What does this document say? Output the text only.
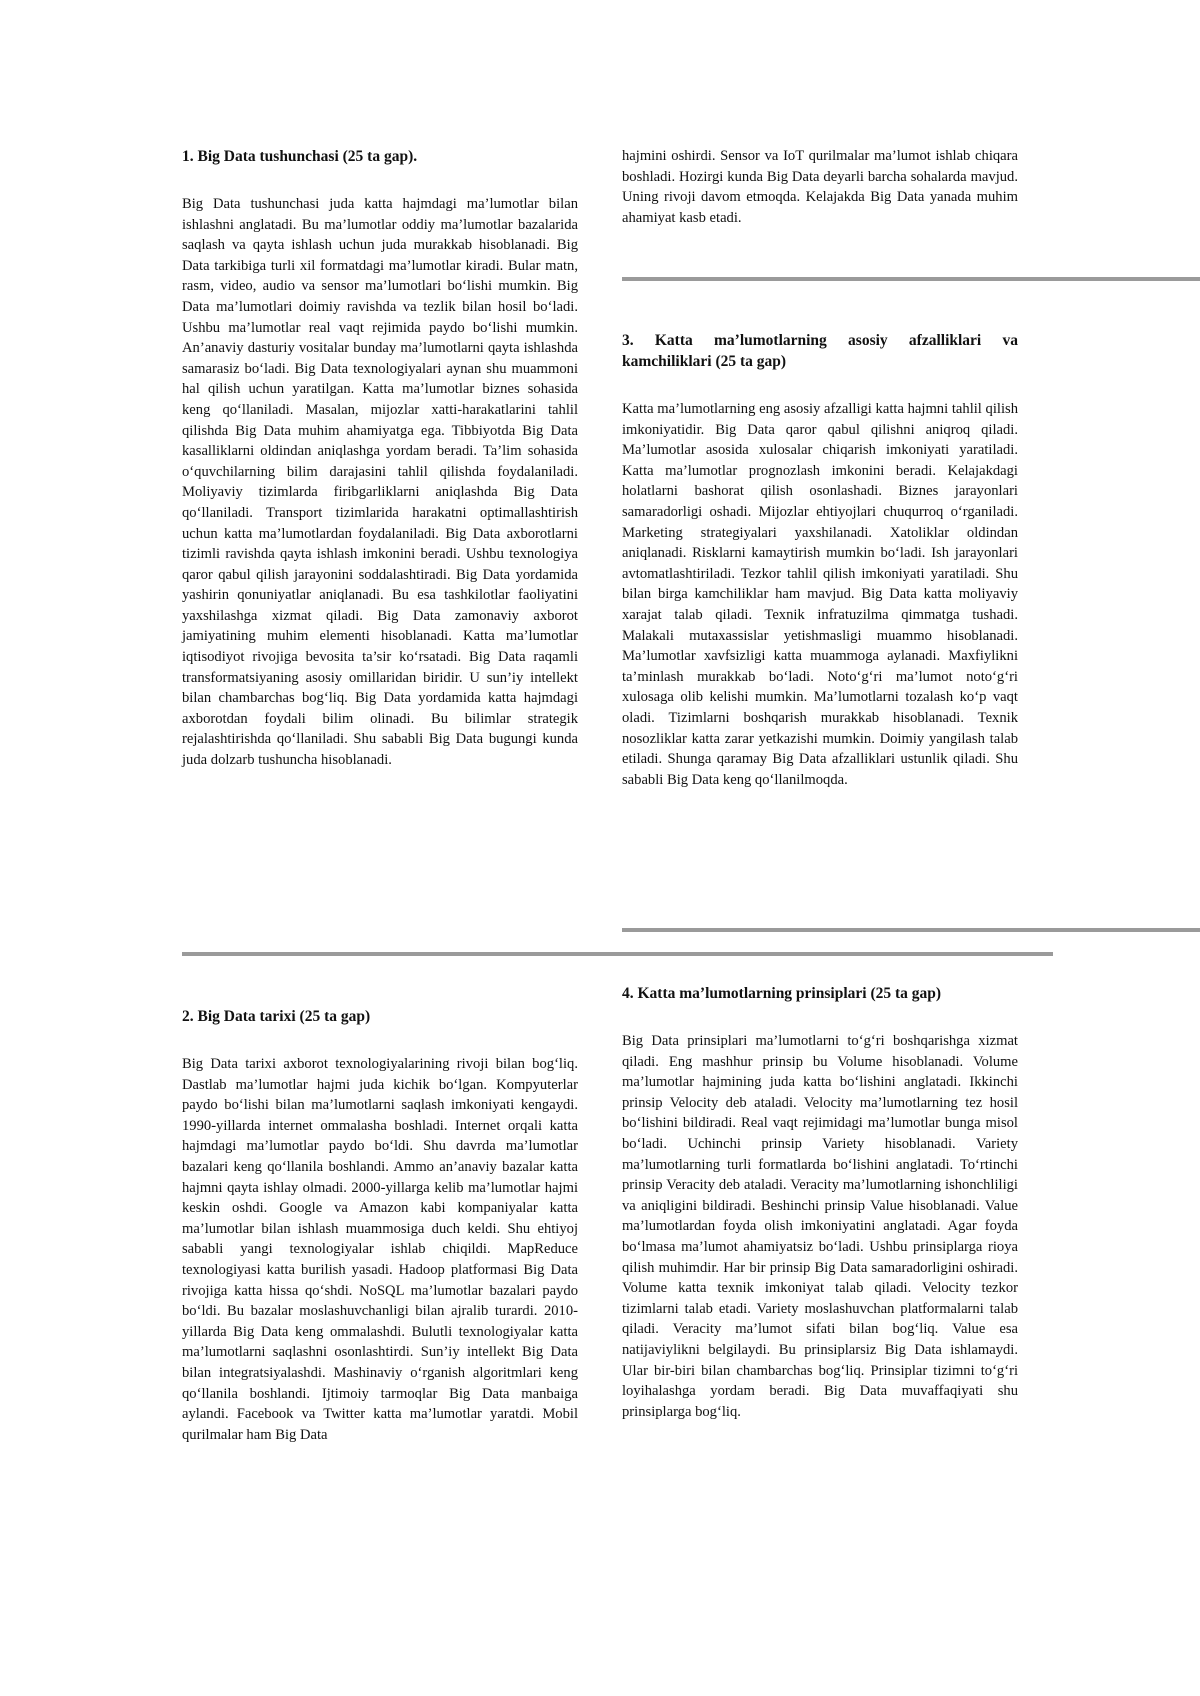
1. Big Data tushunchasi (25 ta gap).

Big Data tushunchasi juda katta hajmdagi ma’lumotlar bilan ishlashni anglatadi. Bu ma’lumotlar oddiy ma’lumotlar bazalarida saqlash va qayta ishlash uchun juda murakkab hisoblanadi. Big Data tarkibiga turli xil formatdagi ma’lumotlar kiradi. Bular matn, rasm, video, audio va sensor ma’lumotlari bo‘lishi mumkin. Big Data ma’lumotlari doimiy ravishda va tezlik bilan hosil bo‘ladi. Ushbu ma’lumotlar real vaqt rejimida paydo bo‘lishi mumkin. An’anaviy dasturiy vositalar bunday ma’lumotlarni qayta ishlashda samarasiz bo‘ladi. Big Data texnologiyalari aynan shu muammoni hal qilish uchun yaratilgan. Katta ma’lumotlar biznes sohasida keng qo‘llaniladi. Masalan, mijozlar xatti-harakatlarini tahlil qilishda Big Data muhim ahamiyatga ega. Tibbiyotda Big Data kasalliklarni oldindan aniqlashga yordam beradi. Ta’lim sohasida o‘quvchilarning bilim darajasini tahlil qilishda foydalaniladi. Moliyaviy tizimlarda firibgarliklarni aniqlashda Big Data qo‘llaniladi. Transport tizimlarida harakatni optimallashtirish uchun katta ma’lumotlardan foydalaniladi. Big Data axborotlarni tizimli ravishda qayta ishlash imkonini beradi. Ushbu texnologiya qaror qabul qilish jarayonini soddalashtiradi. Big Data yordamida yashirin qonuniyatlar aniqlanadi. Bu esa tashkilotlar faoliyatini yaxshilashga xizmat qiladi. Big Data zamonaviy axborot jamiyatining muhim elementi hisoblanadi. Katta ma’lumotlar iqtisodiyot rivojiga bevosita ta’sir ko‘rsatadi. Big Data raqamli transformatsiyaning asosiy omillaridan biridir. U sun’iy intellekt bilan chambarchas bog‘liq. Big Data yordamida katta hajmdagi axborotdan foydali bilim olinadi. Bu bilimlar strategik rejalashtirishda qo‘llaniladi. Shu sababli Big Data bugungi kunda juda dolzarb tushuncha hisoblanadi.

hajmini oshirdi. Sensor va IoT qurilmalar ma’lumot ishlab chiqara boshladi. Hozirgi kunda Big Data deyarli barcha sohalarda mavjud. Uning rivoji davom etmoqda. Kelajakda Big Data yanada muhim ahamiyat kasb etadi.

3. Katta ma’lumotlarning asosiy afzalliklari va kamchiliklari (25 ta gap)

Katta ma’lumotlarning eng asosiy afzalligi katta hajmni tahlil qilish imkoniyatidir. Big Data qaror qabul qilishni aniqroq qiladi. Ma’lumotlar asosida xulosalar chiqarish imkoniyati yaratiladi. Katta ma’lumotlar prognozlash imkonini beradi. Kelajakdagi holatlarni bashorat qilish osonlashadi. Biznes jarayonlari samaradorligi oshadi. Mijozlar ehtiyojlari chuqurroq o‘rganiladi. Marketing strategiyalari yaxshilanadi. Xatoliklar oldindan aniqlanadi. Risklarni kamaytirish mumkin bo‘ladi. Ish jarayonlari avtomatlashtiriladi. Tezkor tahlil qilish imkoniyati yaratiladi. Shu bilan birga kamchiliklar ham mavjud. Big Data katta moliyaviy xarajat talab qiladi. Texnik infratuzilma qimmatga tushadi. Malakali mutaxassislar yetishmasligi muammo hisoblanadi. Ma’lumotlar xavfsizligi katta muammoga aylanadi. Maxfiylikni ta’minlash murakkab bo‘ladi. Noto‘g‘ri ma’lumot noto‘g‘ri xulosaga olib kelishi mumkin. Ma’lumotlarni tozalash ko‘p vaqt oladi. Tizimlarni boshqarish murakkab hisoblanadi. Texnik nosozliklar katta zarar yetkazishi mumkin. Doimiy yangilash talab etiladi. Shunga qaramay Big Data afzalliklari ustunlik qiladi. Shu sababli Big Data keng qo‘llanilmoqda.

2. Big Data tarixi (25 ta gap)

Big Data tarixi axborot texnologiyalarining rivoji bilan bog‘liq. Dastlab ma’lumotlar hajmi juda kichik bo‘lgan. Kompyuterlar paydo bo‘lishi bilan ma’lumotlarni saqlash imkoniyati kengaydi. 1990-yillarda internet ommalasha boshladi. Internet orqali katta hajmdagi ma’lumotlar paydo bo‘ldi. Shu davrda ma’lumotlar bazalari keng qo‘llanila boshlandi. Ammo an’anaviy bazalar katta hajmni qayta ishlay olmadi. 2000-yillarga kelib ma’lumotlar hajmi keskin oshdi. Google va Amazon kabi kompaniyalar katta ma’lumotlar bilan ishlash muammosiga duch keldi. Shu ehtiyoj sababli yangi texnologiyalar ishlab chiqildi. MapReduce texnologiyasi katta burilish yasadi. Hadoop platformasi Big Data rivojiga katta hissa qo‘shdi. NoSQL ma’lumotlar bazalari paydo bo‘ldi. Bu bazalar moslashuvchanligi bilan ajralib turardi. 2010-yillarda Big Data keng ommalashdi. Bulutli texnologiyalar katta ma’lumotlarni saqlashni osonlashtirdi. Sun’iy intellekt Big Data bilan integratsiyalashdi. Mashinaviy o‘rganish algoritmlari keng qo‘llanila boshlandi. Ijtimoiy tarmoqlar Big Data manbaiga aylandi. Facebook va Twitter katta ma’lumotlar yaratdi. Mobil qurilmalar ham Big Data

4. Katta ma’lumotlarning prinsiplari (25 ta gap)

Big Data prinsiplari ma’lumotlarni to‘g‘ri boshqarishga xizmat qiladi. Eng mashhur prinsip bu Volume hisoblanadi. Volume ma’lumotlar hajmining juda katta bo‘lishini anglatadi. Ikkinchi prinsip Velocity deb ataladi. Velocity ma’lumotlarning tez hosil bo‘lishini bildiradi. Real vaqt rejimidagi ma’lumotlar bunga misol bo‘ladi. Uchinchi prinsip Variety hisoblanadi. Variety ma’lumotlarning turli formatlarda bo‘lishini anglatadi. To‘rtinchi prinsip Veracity deb ataladi. Veracity ma’lumotlarning ishonchliligi va aniqligini bildiradi. Beshinchi prinsip Value hisoblanadi. Value ma’lumotlardan foyda olish imkoniyatini anglatadi. Agar foyda bo‘lmasa ma’lumot ahamiyatsiz bo‘ladi. Ushbu prinsiplarga rioya qilish muhimdir. Har bir prinsip Big Data samaradorligini oshiradi. Volume katta texnik imkoniyat talab qiladi. Velocity tezkor tizimlarni talab etadi. Variety moslashuvchan platformalarni talab qiladi. Veracity ma’lumot sifati bilan bog‘liq. Value esa natijaviylikni belgilaydi. Bu prinsiplarsiz Big Data ishlamaydi. Ular bir-biri bilan chambarchas bog‘liq. Prinsiplar tizimni to‘g‘ri loyihalashga yordam beradi. Big Data muvaffaqiyati shu prinsiplarga bog‘liq.
